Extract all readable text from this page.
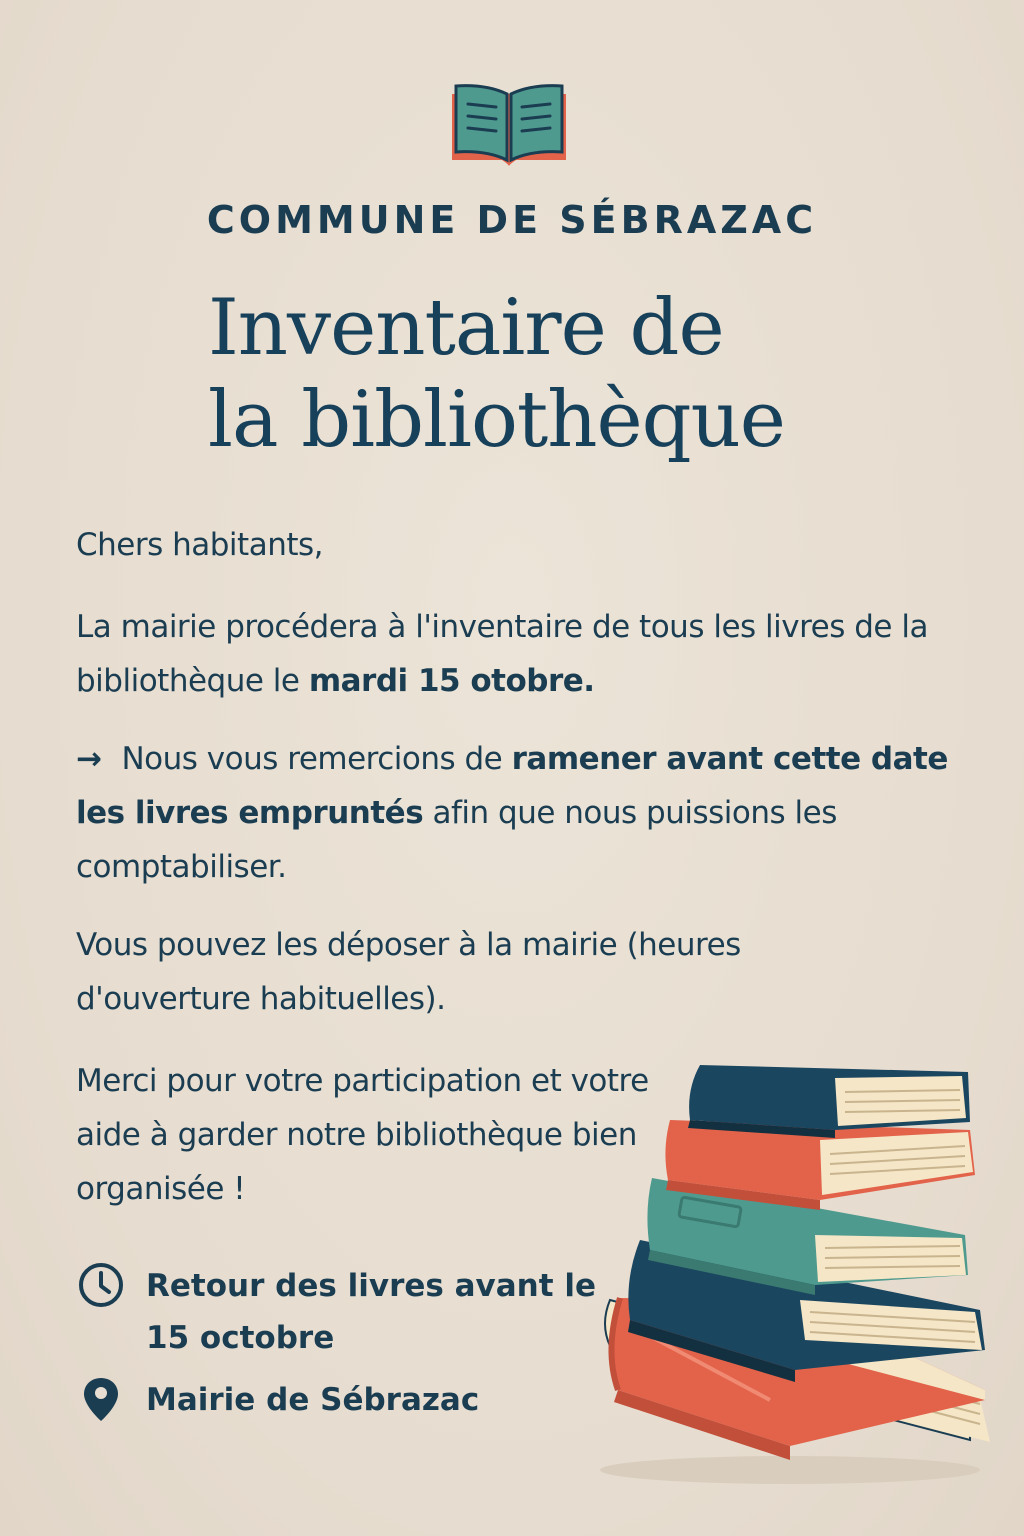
COMMUNE DE SÉBRAZAC
Inventaire de
la bibliothèque
Chers habitants,
La mairie procédera à l'inventaire de tous les livres de la bibliothèque le mardi 15 otobre.
→ Nous vous remercions de ramener avant cette date les livres empruntés afin que nous puissions les comptabiliser.
Vous pouvez les déposer à la mairie (heures d'ouverture habituelles).
Merci pour votre participation et votre aide à garder notre bibliothèque bien organisée !
Retour des livres avant le 15 octobre
Mairie de Sébrazac
